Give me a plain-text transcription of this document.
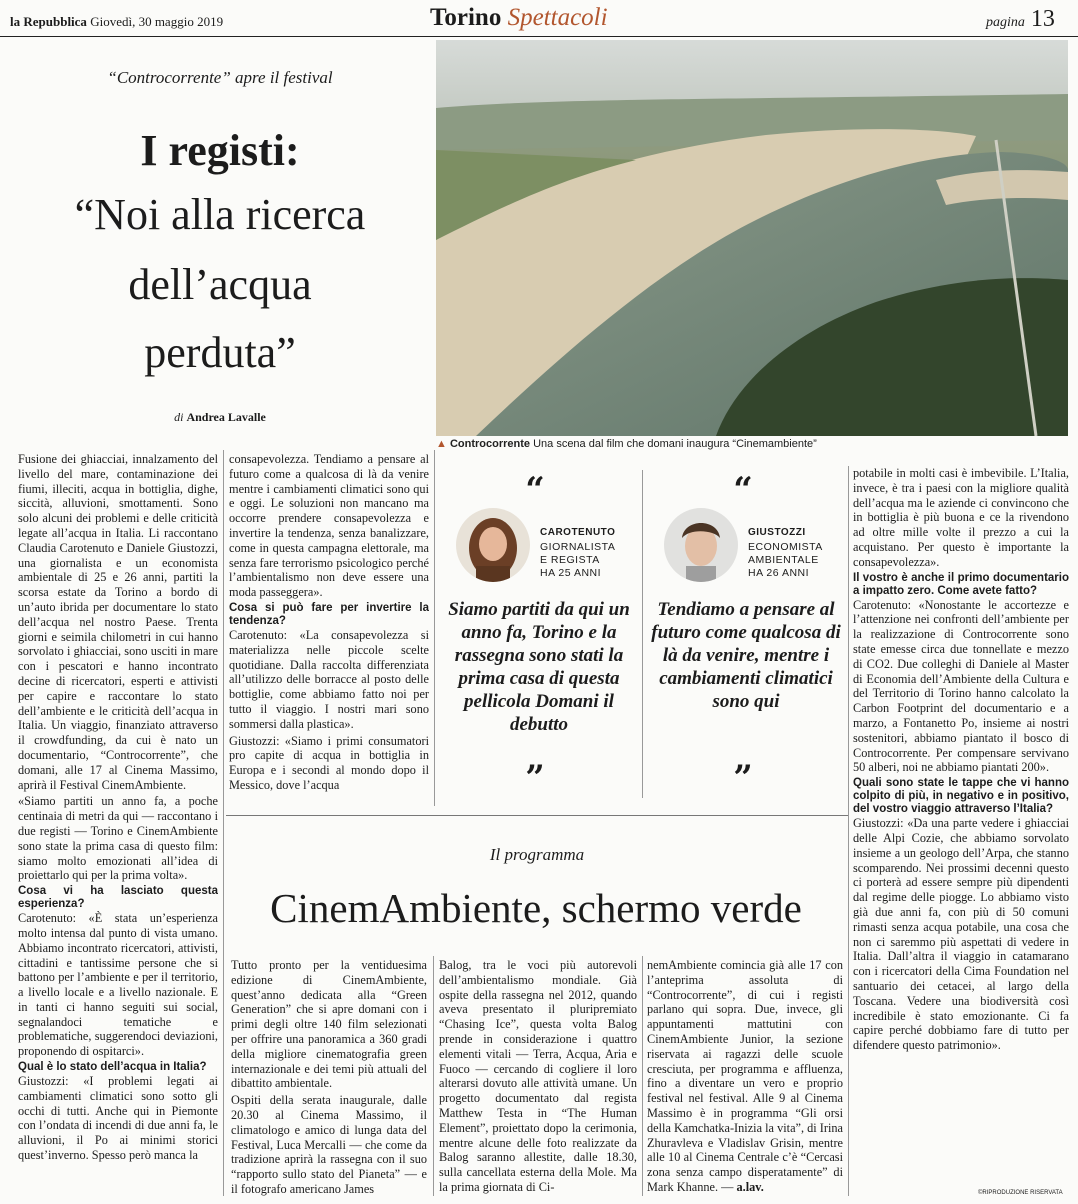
la Repubblica Giovedì, 30 maggio 2019	Torino Spettacoli	pagina 13
“Controcorrente” apre il festival
I registi:
“Noi alla ricerca
dell’acqua
perduta”
di Andrea Lavalle
▲ Controcorrente Una scena dal film che domani inaugura “Cinemambiente”

Fusione dei ghiacciai, innalzamento del livello del mare, contaminazione dei fiumi, illeciti, acqua in bottiglia, dighe, siccità, alluvioni, smottamenti. Sono solo alcuni dei problemi e delle criticità legate all’acqua in Italia. Li raccontano Claudia Carotenuto e Daniele Giustozzi, una giornalista e un economista ambientale di 25 e 26 anni, partiti la scorsa estate da Torino a bordo di un’auto ibrida per documentare lo stato dell’acqua nel nostro Paese. Trenta giorni e seimila chilometri in cui hanno sorvolato i ghiacciai, sono usciti in mare con i pescatori e hanno incontrato decine di ricercatori, esperti e attivisti per capire e raccontare lo stato dell’ambiente e le criticità dell’acqua in Italia. Un viaggio, finanziato attraverso il crowdfunding, da cui è nato un documentario, “Controcorrente”, che domani, alle 17 al Cinema Massimo, aprirà il Festival CinemAmbiente.

«Siamo partiti un anno fa, a poche centinaia di metri da qui — raccontano i due registi — Torino e CinemAmbiente sono state la prima casa di questo film: siamo molto emozionati all’idea di proiettarlo qui per la prima volta».

Cosa vi ha lasciato questa esperienza?

Carotenuto: «È stata un’esperienza molto intensa dal punto di vista umano. Abbiamo incontrato ricercatori, attivisti, cittadini e tantissime persone che si battono per l’ambiente e per il territorio, a livello locale e a livello nazionale. E in tanti ci hanno seguiti sui social, segnalandoci tematiche e problematiche, suggerendoci deviazioni, proponendo di ospitarci».

Qual è lo stato dell’acqua in Italia?

Giustozzi: «I problemi legati ai cambiamenti climatici sono sotto gli occhi di tutti. Anche qui in Piemonte con l’ondata di incendi di due anni fa, le alluvioni, il Po ai minimi storici quest’inverno. Spesso però manca la

consapevolezza. Tendiamo a pensare al futuro come a qualcosa di là da venire mentre i cambiamenti climatici sono qui e oggi. Le soluzioni non mancano ma occorre prendere consapevolezza e invertire la tendenza, senza banalizzare, come in questa campagna elettorale, ma senza fare terrorismo psicologico perché l’ambientalismo non deve essere una moda passeggera».

Cosa si può fare per invertire la tendenza?

Carotenuto: «La consapevolezza si materializza nelle piccole scelte quotidiane. Dalla raccolta differenziata all’utilizzo delle borracce al posto delle bottiglie, come abbiamo fatto noi per tutto il viaggio. I nostri mari sono sommersi dalla plastica».

Giustozzi: «Siamo i primi consumatori pro capite di acqua in bottiglia in Europa e i secondi al mondo dopo il Messico, dove l’acqua

“
CAROTENUTO
GIORNALISTA
E REGISTA
HA 25 ANNI
Siamo partiti da qui un anno fa, Torino e la rassegna sono stati la prima casa di questa pellicola Domani il debutto
”
“
GIUSTOZZI
ECONOMISTA
AMBIENTALE
HA 26 ANNI
Tendiamo a pensare al futuro come qualcosa di là da venire, mentre i cambiamenti climatici sono qui
”

potabile in molti casi è imbevibile. L’Italia, invece, è tra i paesi con la migliore qualità dell’acqua ma le aziende ci convincono che in bottiglia è più buona e ce la rivendono ad oltre mille volte il prezzo a cui la acquistano. Per questo è importante la consapevolezza».

Il vostro è anche il primo documentario a impatto zero. Come avete fatto?

Carotenuto: «Nonostante le accortezze e l’attenzione nei confronti dell’ambiente per la realizzazione di Controcorrente sono state emesse circa due tonnellate e mezzo di CO2. Due colleghi di Daniele al Master di Economia dell’Ambiente della Cultura e del Territorio di Torino hanno calcolato la Carbon Footprint del documentario e a marzo, a Fontanetto Po, insieme ai nostri sostenitori, abbiamo piantato il bosco di Controcorrente. Per compensare servivano 50 alberi, noi ne abbiamo piantati 200».

Quali sono state le tappe che vi hanno colpito di più, in negativo e in positivo, del vostro viaggio attraverso l’Italia?

Giustozzi: «Da una parte vedere i ghiacciai delle Alpi Cozie, che abbiamo sorvolato insieme a un geologo dell’Arpa, che stanno scomparendo. Nei prossimi decenni questo ci porterà ad essere sempre più dipendenti dal regime delle piogge. Lo abbiamo visto già due anni fa, con più di 50 comuni rimasti senza acqua potabile, una cosa che non ci saremmo più aspettati di vedere in Italia. Dall’altra il viaggio in catamarano con i ricercatori della Cima Foundation nel santuario dei cetacei, al largo della Toscana. Vedere una biodiversità così incredibile è stato emozionante. Ci fa capire perché dobbiamo fare di tutto per difendere questo patrimonio».

©RIPRODUZIONE RISERVATA
Il programma
CinemAmbiente, schermo verde

Tutto pronto per la ventiduesima edizione di CinemAmbiente, quest’anno dedicata alla “Green Generation” che si apre domani con i primi degli oltre 140 film selezionati per offrire una panoramica a 360 gradi della migliore cinematografia green internazionale e dei temi più attuali del dibattito ambientale.

Ospiti della serata inaugurale, dalle 20.30 al Cinema Massimo, il climatologo e amico di lunga data del Festival, Luca Mercalli — che come da tradizione aprirà la rassegna con il suo “rapporto sullo stato del Pianeta” — e il fotografo americano James

Balog, tra le voci più autorevoli dell’ambientalismo mondiale. Già ospite della rassegna nel 2012, quando aveva presentato il pluripremiato “Chasing Ice”, questa volta Balog prende in considerazione i quattro elementi vitali — Terra, Acqua, Aria e Fuoco — cercando di cogliere il loro alterarsi dovuto alle attività umane. Un progetto documentato dal regista Matthew Testa in “The Human Element”, proiettato dopo la cerimonia, mentre alcune delle foto realizzate da Balog saranno allestite, dalle 18.30, sulla cancellata esterna della Mole. Ma la prima giornata di Ci-

nemAmbiente comincia già alle 17 con l’anteprima assoluta di “Controcorrente”, di cui i registi parlano qui sopra. Due, invece, gli appuntamenti mattutini con CinemAmbiente Junior, la sezione riservata ai ragazzi delle scuole cresciuta, per programma e affluenza, fino a diventare un vero e proprio festival nel festival. Alle 9 al Cinema Massimo è in programma “Gli orsi della Kamchatka-Inizia la vita”, di Irina Zhuravleva e Vladislav Grisin, mentre alle 10 al Cinema Centrale c’è “Cercasi zona senza campo disperatamente” di Mark Khanne. — a.lav.
